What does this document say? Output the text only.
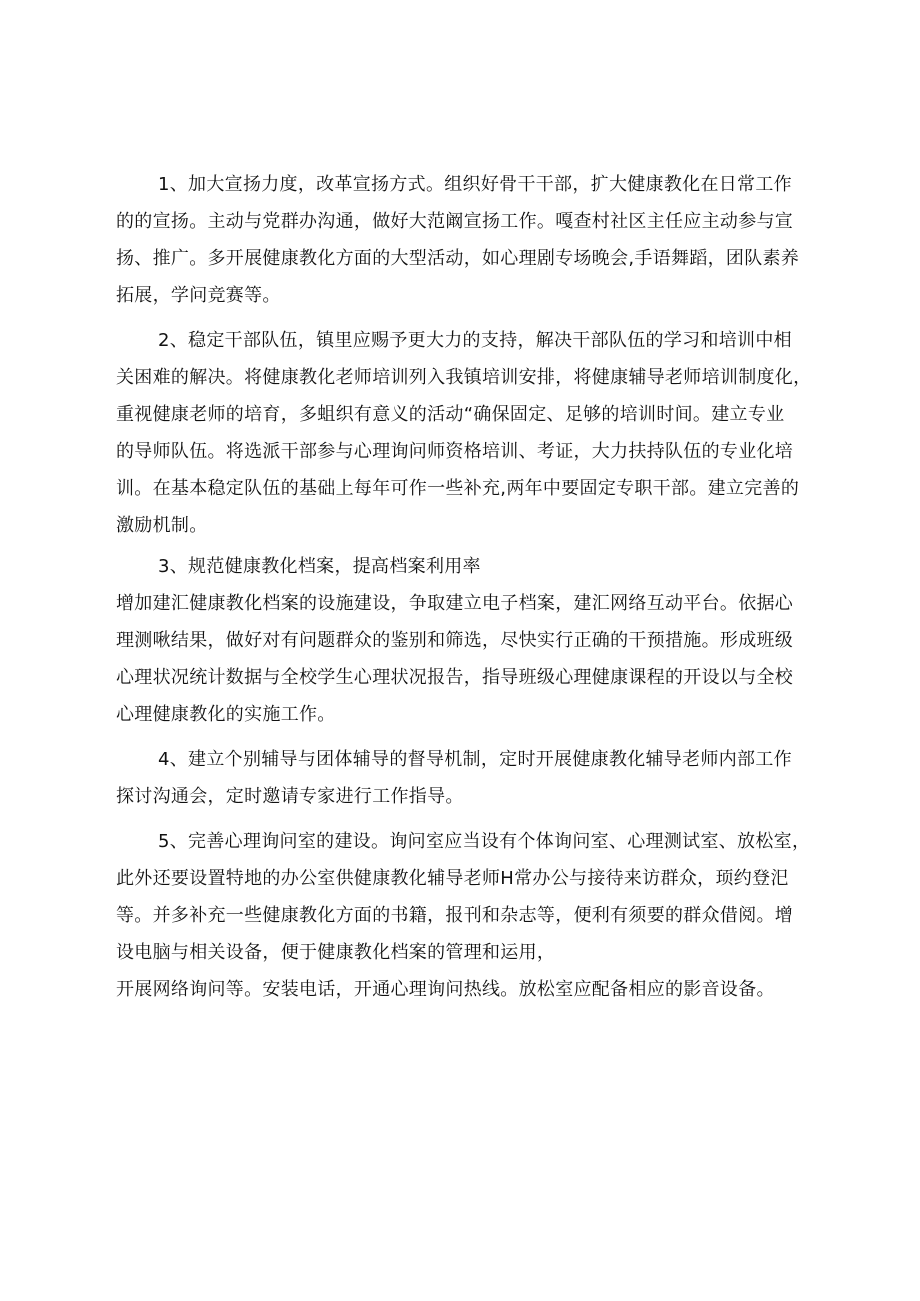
1、加大宣扬力度，改革宣扬方式。组织好骨干干部，扩大健康教化在日常工作
的的宣扬。主动与党群办沟通，做好大范阚宣扬工作。嘎查村社区主任应主动参与宣
扬、推广。多开展健康教化方面的大型活动，如心理剧专场晚会,手语舞蹈，团队素养
拓展，学问竞赛等。
2、稳定干部队伍，镇里应赐予更大力的支持，解决干部队伍的学习和培训中相
关困难的解决。将健康教化老师培训列入我镇培训安排，将健康辅导老师培训制度化，
重视健康老师的培育，多蛆织有意义的活动“确保固定、足够的培训时间。建立专业
的导师队伍。将选派干部参与心理询问师资格培训、考证，大力扶持队伍的专业化培
训。在基本稳定队伍的基础上每年可作一些补充,两年中要固定专职干部。建立完善的
激励机制。
3、规范健康教化档案，提高档案利用率
增加建汇健康教化档案的设施建设，争取建立电子档案，建汇网络互动平台。依据心
理测啾结果，做好对有问题群众的鉴别和筛选，尽快实行正确的干预措施。形成班级
心理状况统计数据与全校学生心理状况报告，指导班级心理健康课程的开设以与全校
心理健康教化的实施工作。
4、建立个别辅导与团体辅导的督导机制，定时开展健康教化辅导老师内部工作
探讨沟通会，定时邀请专家进行工作指导。
5、完善心理询问室的建设。询问室应当设有个体询问室、心理测试室、放松室，
此外还要设置特地的办公室供健康教化辅导老师H常办公与接待来访群众，顼约登汜
等。并多补充一些健康教化方面的书籍，报刊和杂志等，便利有须要的群众借阅。增
设电脑与相关设备，便于健康教化档案的管理和运用，
开展网络询问等。安装电话，开通心理询问热线。放松室应配备相应的影音设备。
